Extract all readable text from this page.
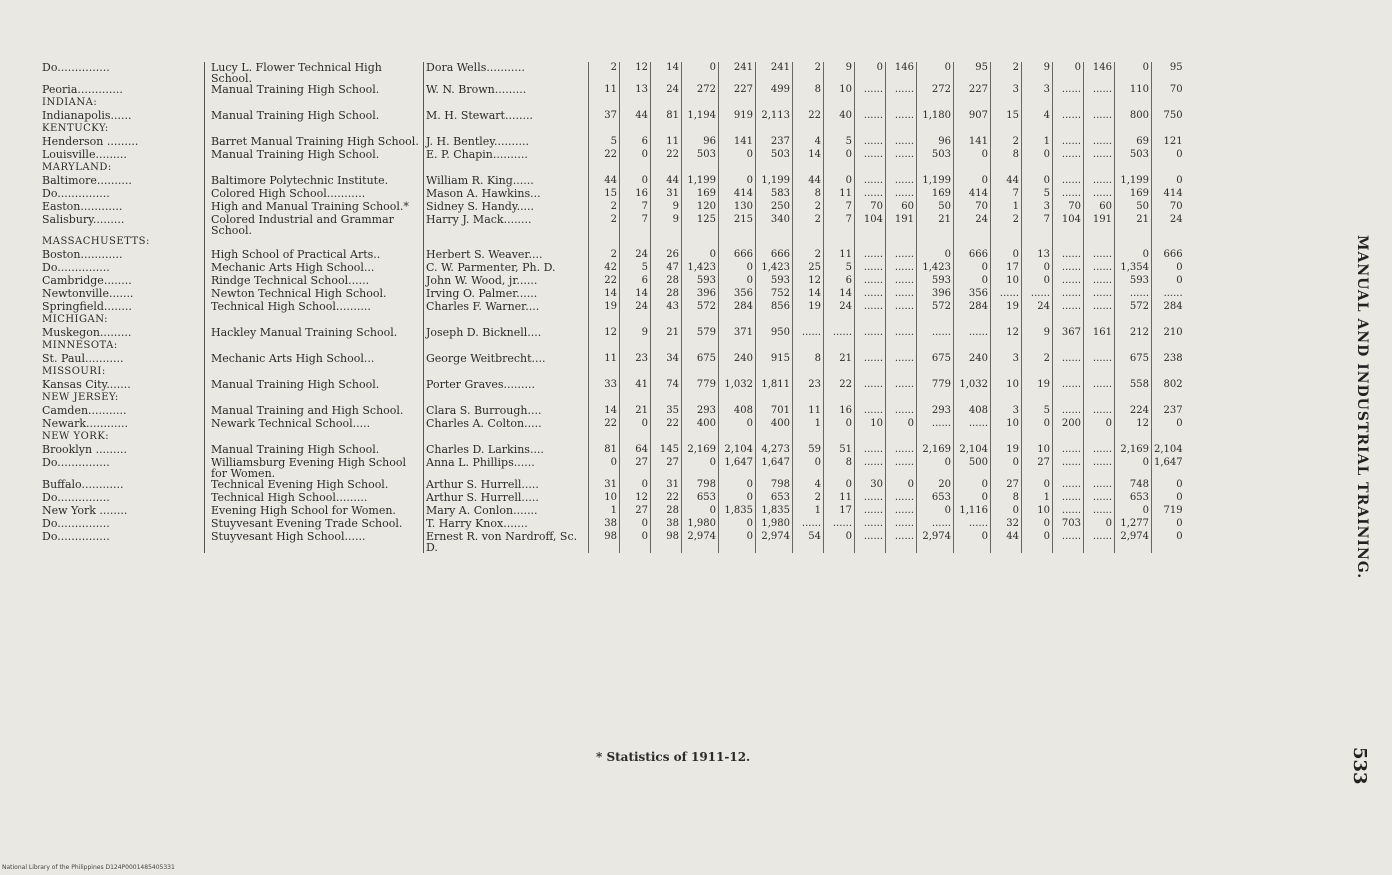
Do...............	Lucy L. Flower Technical High School.	Dora Wells...........	2	12	14	0	241	241	2	9	0	146	0	95	2	9	0	146	0	95
Peoria.............	Manual Training High School.	W. N. Brown.........	11	13	24	272	227	499	8	10	......	......	272	227	3	3	......	......	110	70
INDIANA:																				
Indianapolis......	Manual Training High School.	M. H. Stewart........	37	44	81	1,194	919	2,113	22	40	......	......	1,180	907	15	4	......	......	800	750
KENTUCKY:																				
Henderson .........	Barret Manual Training High School.	J. H. Bentley..........	5	6	11	96	141	237	4	5	......	......	96	141	2	1	......	......	69	121
Louisville.........	Manual Training High School.	E. P. Chapin..........	22	0	22	503	0	503	14	0	......	......	503	0	8	0	......	......	503	0
MARYLAND:																				
Baltimore..........	Baltimore Polytechnic Institute.	William R. King......	44	0	44	1,199	0	1,199	44	0	......	......	1,199	0	44	0	......	......	1,199	0
Do...............	Colored High School...........	Mason A. Hawkins...	15	16	31	169	414	583	8	11	......	......	169	414	7	5	......	......	169	414
Easton............	High and Manual Training School.*	Sidney S. Handy.....	2	7	9	120	130	250	2	7	70	60	50	70	1	3	70	60	50	70
Salisbury.........	Colored Industrial and Grammar School.	Harry J. Mack........	2	7	9	125	215	340	2	7	104	191	21	24	2	7	104	191	21	24
MASSACHUSETTS:																				
Boston............	High School of Practical Arts..	Herbert S. Weaver....	2	24	26	0	666	666	2	11	......	......	0	666	0	13	......	......	0	666
Do...............	Mechanic Arts High School...	C. W. Parmenter, Ph. D.	42	5	47	1,423	0	1,423	25	5	......	......	1,423	0	17	0	......	......	1,354	0
Cambridge........	Rindge Technical School......	John W. Wood, jr......	22	6	28	593	0	593	12	6	......	......	593	0	10	0	......	......	593	0
Newtonville.......	Newton Technical High School.	Irving O. Palmer......	14	14	28	396	356	752	14	14	......	......	396	356	......	......	......	......	......	......
Springfield........	Technical High School..........	Charles F. Warner....	19	24	43	572	284	856	19	24	......	......	572	284	19	24	......	......	572	284
MICHIGAN:																				
Muskegon.........	Hackley Manual Training School.	Joseph D. Bicknell....	12	9	21	579	371	950	......	......	......	......	......	......	12	9	367	161	212	210
MINNESOTA:																				
St. Paul...........	Mechanic Arts High School...	George Weitbrecht....	11	23	34	675	240	915	8	21	......	......	675	240	3	2	......	......	675	238
MISSOURI:																				
Kansas City.......	Manual Training High School.	Porter Graves.........	33	41	74	779	1,032	1,811	23	22	......	......	779	1,032	10	19	......	......	558	802
NEW JERSEY:																				
Camden...........	Manual Training and High School.	Clara S. Burrough....	14	21	35	293	408	701	11	16	......	......	293	408	3	5	......	......	224	237
Newark............	Newark Technical School.....	Charles A. Colton.....	22	0	22	400	0	400	1	0	10	0	......	......	10	0	200	0	12	0
NEW YORK:																				
Brooklyn .........	Manual Training High School.	Charles D. Larkins....	81	64	145	2,169	2,104	4,273	59	51	......	......	2,169	2,104	19	10	......	......	2,169	2,104
Do...............	Williamsburg Evening High School for Women.	Anna L. Phillips......	0	27	27	0	1,647	1,647	0	8	......	......	0	500	0	27	......	......	0	1,647
Buffalo............	Technical Evening High School.	Arthur S. Hurrell.....	31	0	31	798	0	798	4	0	30	0	20	0	27	0	......	......	748	0
Do...............	Technical High School.........	Arthur S. Hurrell.....	10	12	22	653	0	653	2	11	......	......	653	0	8	1	......	......	653	0
New York ........	Evening High School for Women.	Mary A. Conlon.......	1	27	28	0	1,835	1,835	1	17	......	......	0	1,116	0	10	......	......	0	719
Do...............	Stuyvesant Evening Trade School.	T. Harry Knox.......	38	0	38	1,980	0	1,980	......	......	......	......	......	......	32	0	703	0	1,277	0
Do...............	Stuyvesant High School......	Ernest R. von Nardroff, Sc. D.	98	0	98	2,974	0	2,974	54	0	......	......	2,974	0	44	0	......	......	2,974	0	MANUAL AND INDUSTRIAL TRAINING.
533
* Statistics of 1911-12.
National Library of the Philippines D124P0001485405331
